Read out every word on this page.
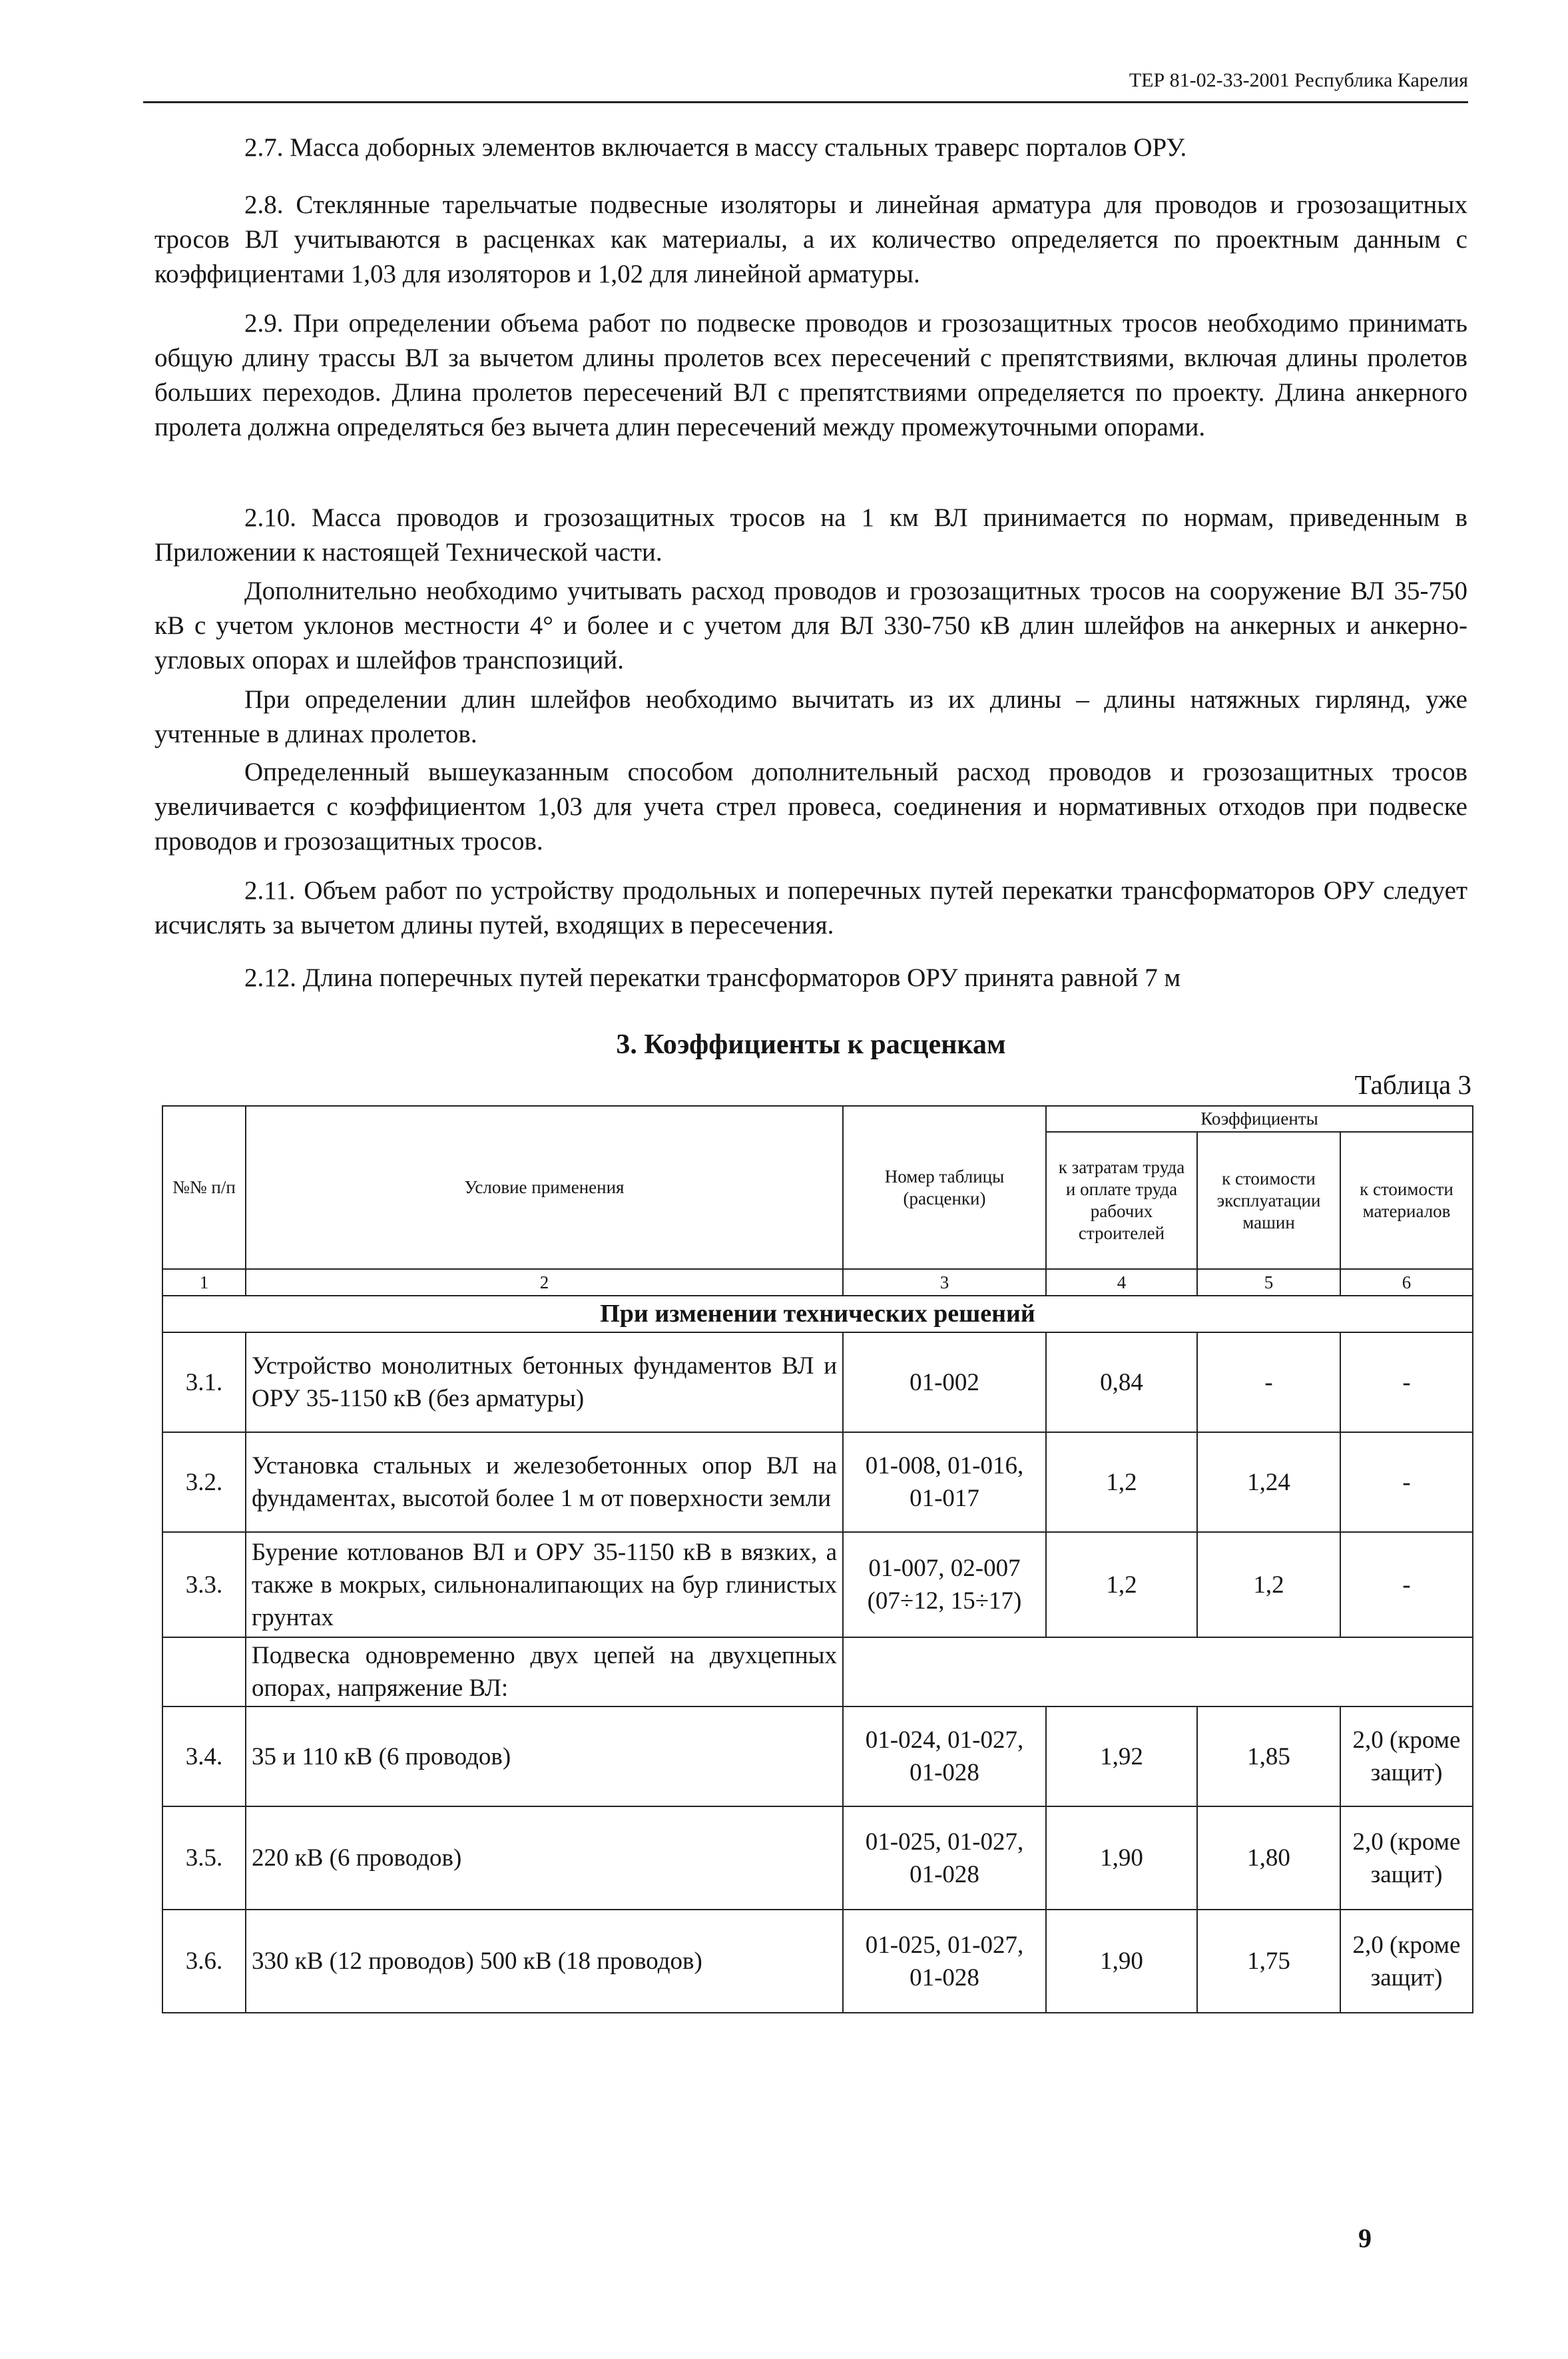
ТЕР 81-02-33-2001 Республика Карелия

2.7. Масса доборных элементов включается в массу стальных траверс порталов ОРУ.

2.8. Стеклянные тарельчатые подвесные изоляторы и линейная арматура для проводов и грозозащитных тросов ВЛ учитываются в расценках как материалы, а их количество определяется по проектным данным с коэффициентами 1,03 для изоляторов и 1,02 для линейной арматуры.

2.9. При определении объема работ по подвеске проводов и грозозащитных тросов необходимо принимать общую длину трассы ВЛ за вычетом длины пролетов всех пересечений с препятствиями, включая длины пролетов больших переходов. Длина пролетов пересечений ВЛ с препятствиями определяется по проекту. Длина анкерного пролета должна определяться без вычета длин пересечений между промежуточными опорами.

2.10. Масса проводов и грозозащитных тросов на 1 км ВЛ принимается по нормам, приведенным в Приложении к настоящей Технической части.

Дополнительно необходимо учитывать расход проводов и грозозащитных тросов на сооружение ВЛ 35-750 кВ с учетом уклонов местности 4° и более и с учетом для ВЛ 330-750 кВ длин шлейфов на анкерных и анкерно-угловых опорах и шлейфов транспозиций.

При определении длин шлейфов необходимо вычитать из их длины – длины натяжных гирлянд, уже учтенные в длинах пролетов.

Определенный вышеуказанным способом дополнительный расход проводов и грозозащитных тросов увеличивается с коэффициентом 1,03 для учета стрел провеса, соединения и нормативных отходов при подвеске проводов и грозозащитных тросов.

2.11. Объем работ по устройству продольных и поперечных путей перекатки трансформаторов ОРУ следует исчислять за вычетом длины путей, входящих в пересечения.

2.12. Длина поперечных путей перекатки трансформаторов ОРУ принята равной 7 м

3. Коэффициенты к расценкам
Таблица 3
№№ п/п	Условие применения	Номер таблицы (расценки)	Коэффициенты		
			к затратам труда и оплате труда рабочих строителей	к стоимости эксплуатации машин	к стоимости материалов
1	2	3	4	5	6
При изменении технических решений					
3.1.	Устройство монолитных бетонных фундаментов ВЛ и ОРУ 35-1150 кВ (без арматуры)	01-002	0,84	-	-
3.2.	Установка стальных и железобетонных опор ВЛ на фундаментах, высотой более 1 м от поверхности земли	01-008, 01-016, 01-017	1,2	1,24	-
3.3.	Бурение котлованов ВЛ и ОРУ 35-1150 кВ в вязких, а также в мокрых, сильноналипающих на бур глинистых грунтах	01-007, 02-007 (07÷12, 15÷17)	1,2	1,2	-
	Подвеска одновременно двух цепей на двухцепных опорах, напряжение ВЛ:				
3.4.	35 и 110 кВ (6 проводов)	01-024, 01-027, 01-028	1,92	1,85	2,0 (кроме защит)
3.5.	220 кВ (6 проводов)	01-025, 01-027, 01-028	1,90	1,80	2,0 (кроме защит)
3.6.	330 кВ (12 проводов) 500 кВ (18 проводов)	01-025, 01-027, 01-028	1,90	1,75	2,0 (кроме защит)
9
